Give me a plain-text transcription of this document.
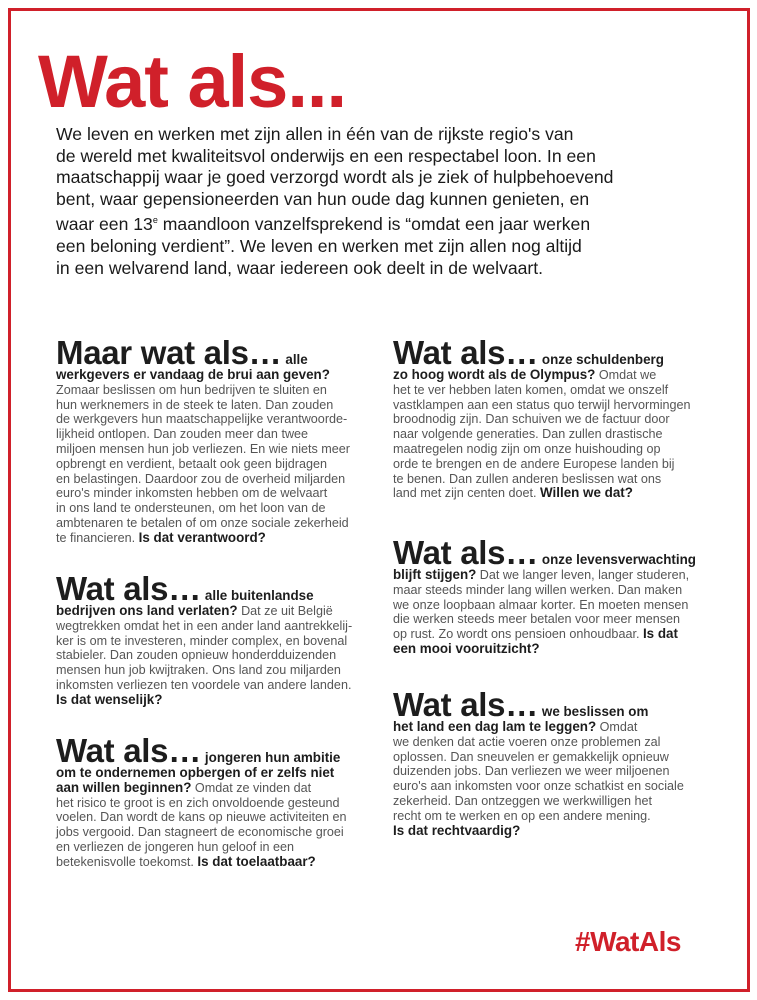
Wat als...
We leven en werken met zijn allen in één van de rijkste regio's van
de wereld met kwaliteitsvol onderwijs en een respectabel loon. In een
maatschappij waar je goed verzorgd wordt als je ziek of hulpbehoevend
bent, waar gepensioneerden van hun oude dag kunnen genieten, en
waar een 13e maandloon vanzelfsprekend is “omdat een jaar werken
een beloning verdient”. We leven en werken met zijn allen nog altijd
in een welvarend land, waar iedereen ook deelt in de welvaart.
Maar wat als… alle
werkgevers er vandaag de brui aan geven?
Zomaar beslissen om hun bedrijven te sluiten en
hun werknemers in de steek te laten. Dan zouden
de werkgevers hun maatschappelijke verantwoorde-
lijkheid ontlopen. Dan zouden meer dan twee
miljoen mensen hun job verliezen. En wie niets meer
opbrengt en verdient, betaalt ook geen bijdragen
en belastingen. Daardoor zou de overheid miljarden
euro's minder inkomsten hebben om de welvaart
in ons land te ondersteunen, om het loon van de
ambtenaren te betalen of om onze sociale zekerheid
te financieren. Is dat verantwoord?
Wat als… alle buitenlandse
bedrijven ons land verlaten? Dat ze uit België
wegtrekken omdat het in een ander land aantrekkelij-
ker is om te investeren, minder complex, en bovenal
stabieler. Dan zouden opnieuw honderdduizenden
mensen hun job kwijtraken. Ons land zou miljarden
inkomsten verliezen ten voordele van andere landen.
Is dat wenselijk?
Wat als… jongeren hun ambitie
om te ondernemen opbergen of er zelfs niet
aan willen beginnen? Omdat ze vinden dat
het risico te groot is en zich onvoldoende gesteund
voelen. Dan wordt de kans op nieuwe activiteiten en
jobs vergooid. Dan stagneert de economische groei
en verliezen de jongeren hun geloof in een
betekenisvolle toekomst. Is dat toelaatbaar?
Wat als… onze schuldenberg
zo hoog wordt als de Olympus? Omdat we
het te ver hebben laten komen, omdat we onszelf
vastklampen aan een status quo terwijl hervormingen
broodnodig zijn. Dan schuiven we de factuur door
naar volgende generaties. Dan zullen drastische
maatregelen nodig zijn om onze huishouding op
orde te brengen en de andere Europese landen bij
te benen. Dan zullen anderen beslissen wat ons
land met zijn centen doet. Willen we dat?
Wat als… onze levensverwachting
blijft stijgen? Dat we langer leven, langer studeren,
maar steeds minder lang willen werken. Dan maken
we onze loopbaan almaar korter. En moeten mensen
die werken steeds meer betalen voor meer mensen
op rust. Zo wordt ons pensioen onhoudbaar. Is dat
een mooi vooruitzicht?
Wat als… we beslissen om
het land een dag lam te leggen? Omdat
we denken dat actie voeren onze problemen zal
oplossen. Dan sneuvelen er gemakkelijk opnieuw
duizenden jobs. Dan verliezen we weer miljoenen
euro's aan inkomsten voor onze schatkist en sociale
zekerheid. Dan ontzeggen we werkwilligen het
recht om te werken en op een andere mening.
Is dat rechtvaardig?
#WatAls
